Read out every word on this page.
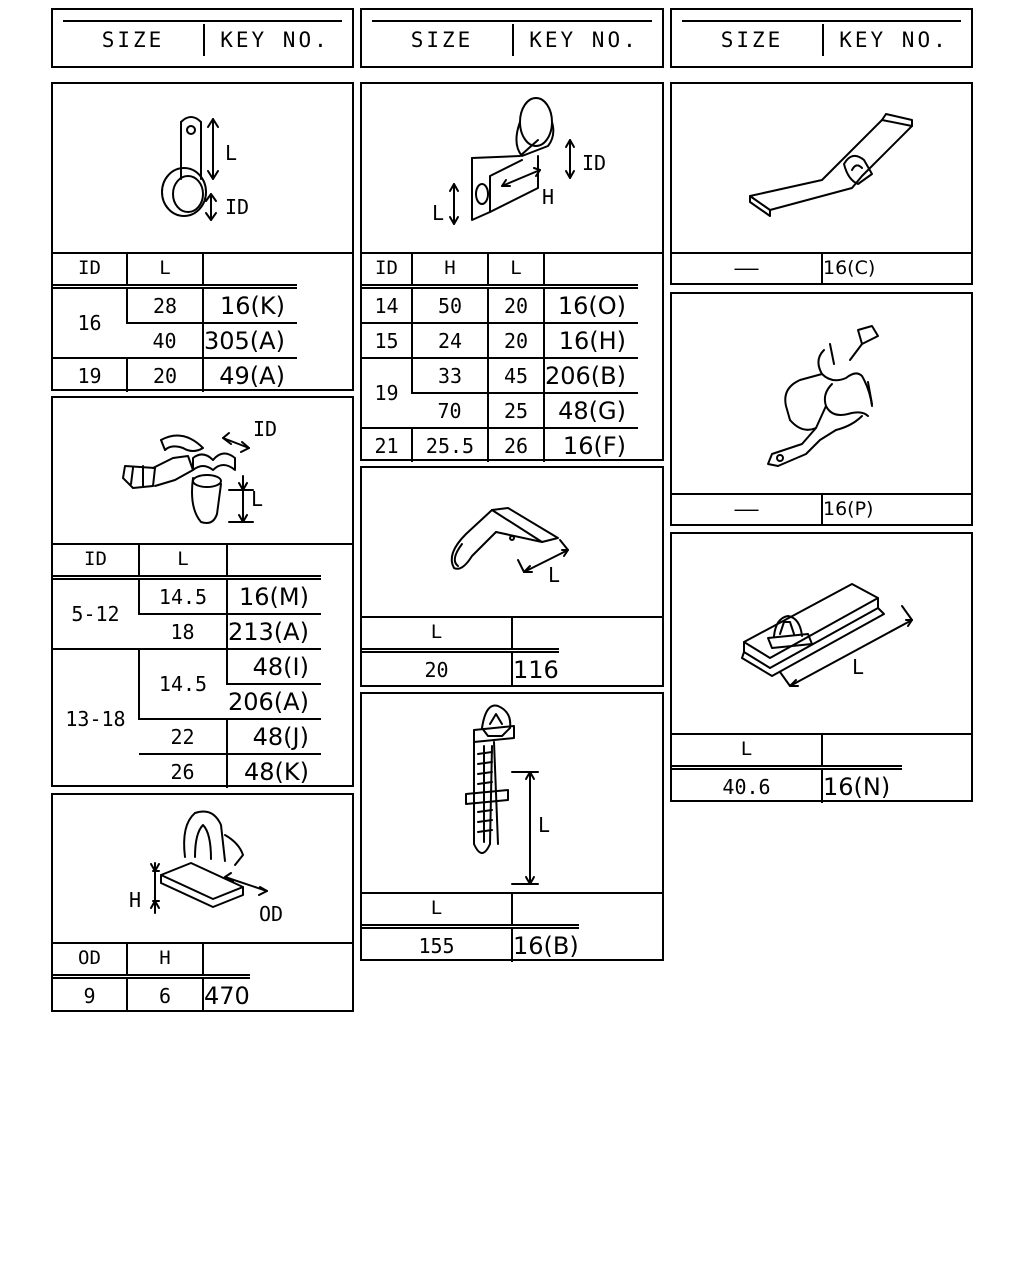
SIZE	KEY NO.	SIZE	KEY NO.	SIZE	KEY NO.
L
ID
ID	L	
16	28	16(K)
	40	305(A)
19	20	49(A)
ID
L
ID	L	
5-12	14.5	16(M)
	18	213(A)
13-18	14.5	48(I)
		206(A)
	22	48(J)
	26	48(K)
H
OD
OD	H	
9	6	470
ID
H
L
ID	H	L	
14	50	20	16(O)
15	24	20	16(H)
19	33	45	206(B)
	70	25	48(G)
21	25.5	26	16(F)
L
L	
20	116
L
L	
155	16(B)
——	16(C)
——	16(P)
L
L	
40.6	16(N)
